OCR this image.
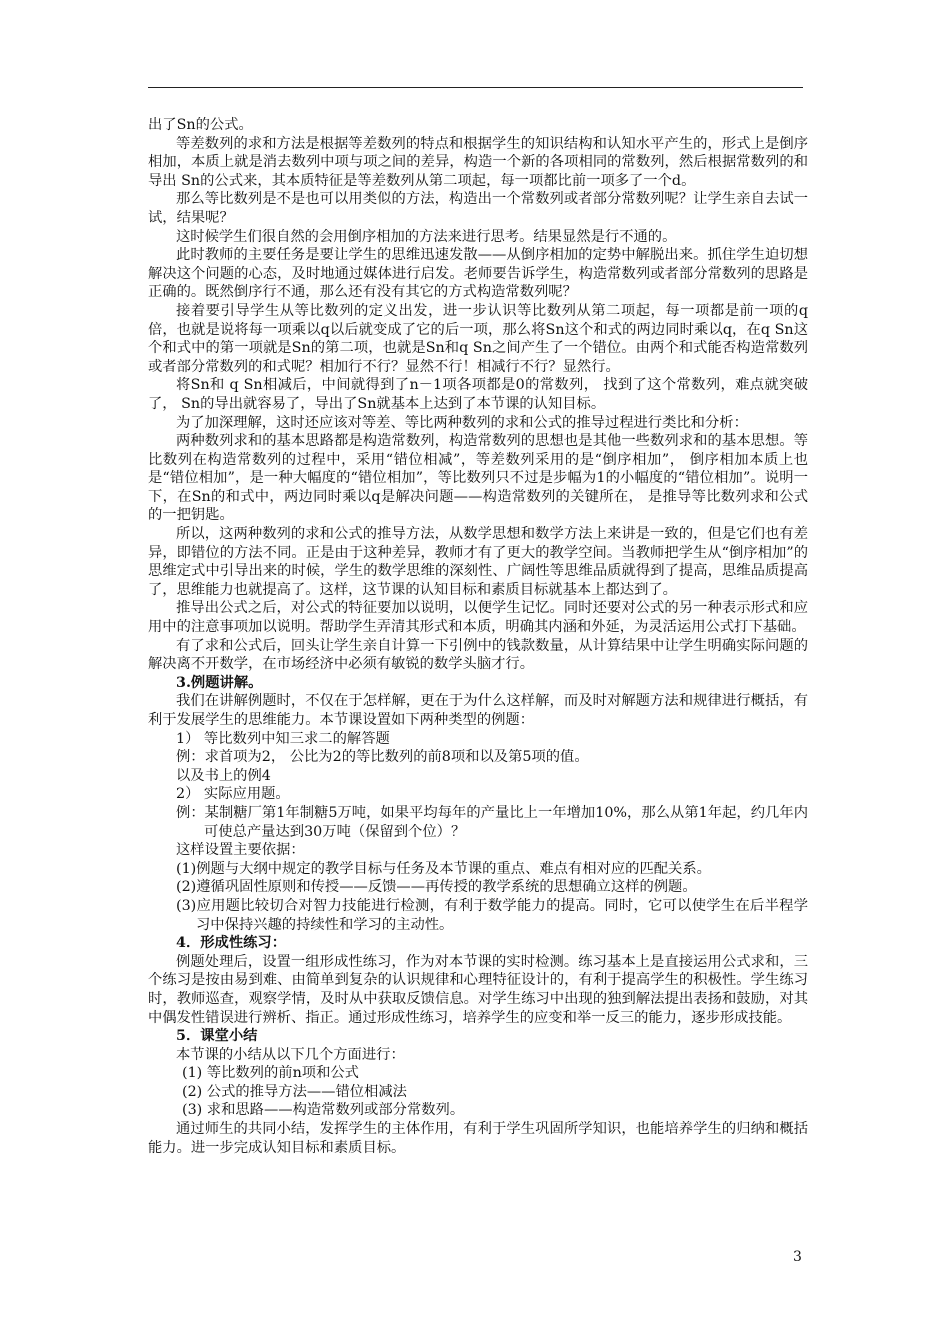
出了Sn的公式。

等差数列的求和方法是根据等差数列的特点和根据学生的知识结构和认知水平产生的，形式上是倒序相加，本质上就是消去数列中项与项之间的差异，构造一个新的各项相同的常数列，然后根据常数列的和导出 Sn的公式来，其本质特征是等差数列从第二项起，每一项都比前一项多了一个d。

那么等比数列是不是也可以用类似的方法，构造出一个常数列或者部分常数列呢？让学生亲自去试一试，结果呢？

这时候学生们很自然的会用倒序相加的方法来进行思考。结果显然是行不通的。

此时教师的主要任务是要让学生的思维迅速发散——从倒序相加的定势中解脱出来。抓住学生迫切想解决这个问题的心态，及时地通过媒体进行启发。老师要告诉学生，构造常数列或者部分常数列的思路是正确的。既然倒序行不通，那么还有没有其它的方式构造常数列呢？

接着要引导学生从等比数列的定义出发，进一步认识等比数列从第二项起，每一项都是前一项的q倍，也就是说将每一项乘以q以后就变成了它的后一项，那么将Sn这个和式的两边同时乘以q，在q Sn这个和式中的第一项就是Sn的第二项，也就是Sn和q Sn之间产生了一个错位。由两个和式能否构造常数列或者部分常数列的和式呢？相加行不行？显然不行！相减行不行？显然行。

将Sn和 q Sn相减后，中间就得到了n－1项各项都是0的常数列， 找到了这个常数列，难点就突破了， Sn的导出就容易了，导出了Sn就基本上达到了本节课的认知目标。

为了加深理解，这时还应该对等差、等比两种数列的求和公式的推导过程进行类比和分析：

两种数列求和的基本思路都是构造常数列，构造常数列的思想也是其他一些数列求和的基本思想。等比数列在构造常数列的过程中，采用“错位相减”，等差数列采用的是“倒序相加”， 倒序相加本质上也是“错位相加”，是一种大幅度的“错位相加”，等比数列只不过是步幅为1的小幅度的“错位相加”。说明一下，在Sn的和式中，两边同时乘以q是解决问题——构造常数列的关键所在， 是推导等比数列求和公式的一把钥匙。

所以，这两种数列的求和公式的推导方法，从数学思想和数学方法上来讲是一致的，但是它们也有差异，即错位的方法不同。正是由于这种差异，教师才有了更大的教学空间。当教师把学生从“倒序相加”的思维定式中引导出来的时候，学生的数学思维的深刻性、广阔性等思维品质就得到了提高，思维品质提高了，思维能力也就提高了。这样，这节课的认知目标和素质目标就基本上都达到了。

推导出公式之后，对公式的特征要加以说明，以便学生记忆。同时还要对公式的另一种表示形式和应用中的注意事项加以说明。帮助学生弄清其形式和本质，明确其内涵和外延，为灵活运用公式打下基础。

有了求和公式后，回头让学生亲自计算一下引例中的钱款数量，从计算结果中让学生明确实际问题的解决离不开数学，在市场经济中必须有敏锐的数学头脑才行。

3.例题讲解。

我们在讲解例题时，不仅在于怎样解，更在于为什么这样解，而及时对解题方法和规律进行概括，有利于发展学生的思维能力。本节课设置如下两种类型的例题：

1） 等比数列中知三求二的解答题

例：求首项为2， 公比为2的等比数列的前8项和以及第5项的值。

以及书上的例4

2） 实际应用题。

例：某制糖厂第1年制糖5万吨，如果平均每年的产量比上一年增加10%，那么从第1年起，约几年内可使总产量达到30万吨（保留到个位）？

这样设置主要依据：

(1)例题与大纲中规定的教学目标与任务及本节课的重点、难点有相对应的匹配关系。

(2)遵循巩固性原则和传授——反馈——再传授的教学系统的思想确立这样的例题。

(3)应用题比较切合对智力技能进行检测，有利于数学能力的提高。同时，它可以使学生在后半程学习中保持兴趣的持续性和学习的主动性。

4．形成性练习：

例题处理后，设置一组形成性练习，作为对本节课的实时检测。练习基本上是直接运用公式求和，三个练习是按由易到难、由简单到复杂的认识规律和心理特征设计的，有利于提高学生的积极性。学生练习时，教师巡查，观察学情，及时从中获取反馈信息。对学生练习中出现的独到解法提出表扬和鼓励，对其中偶发性错误进行辨析、指正。通过形成性练习，培养学生的应变和举一反三的能力，逐步形成技能。

5．课堂小结

本节课的小结从以下几个方面进行：

(1) 等比数列的前n项和公式

(2) 公式的推导方法——错位相减法

(3) 求和思路——构造常数列或部分常数列。

通过师生的共同小结，发挥学生的主体作用，有利于学生巩固所学知识，也能培养学生的归纳和概括能力。进一步完成认知目标和素质目标。

3
